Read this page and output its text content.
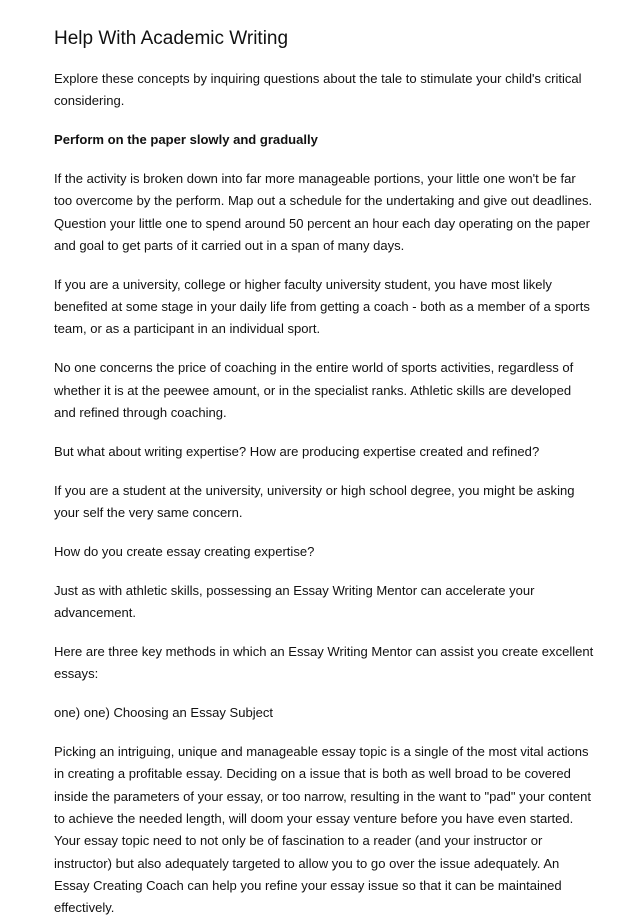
Help With Academic Writing

Explore these concepts by inquiring questions about the tale to stimulate your child's critical considering.

Perform on the paper slowly and gradually

If the activity is broken down into far more manageable portions, your little one won't be far too overcome by the perform. Map out a schedule for the undertaking and give out deadlines. Question your little one to spend around 50 percent an hour each day operating on the paper and goal to get parts of it carried out in a span of many days.

If you are a university, college or higher faculty university student, you have most likely benefited at some stage in your daily life from getting a coach - both as a member of a sports team, or as a participant in an individual sport.

No one concerns the price of coaching in the entire world of sports activities, regardless of whether it is at the peewee amount, or in the specialist ranks. Athletic skills are developed and refined through coaching.

But what about writing expertise? How are producing expertise created and refined?

If you are a student at the university, university or high school degree, you might be asking your self the very same concern.

How do you create essay creating expertise?

Just as with athletic skills, possessing an Essay Writing Mentor can accelerate your advancement.

Here are three key methods in which an Essay Writing Mentor can assist you create excellent essays:

one) one) Choosing an Essay Subject

Picking an intriguing, unique and manageable essay topic is a single of the most vital actions in creating a profitable essay. Deciding on a issue that is both as well broad to be covered inside the parameters of your essay, or too narrow, resulting in the want to "pad" your content to achieve the needed length, will doom your essay venture before you have even started. Your essay topic need to not only be of fascination to a reader (and your instructor or instructor) but also adequately targeted to allow you to go over the issue adequately. An Essay Creating Coach can help you refine your essay issue so that it can be maintained effectively.
